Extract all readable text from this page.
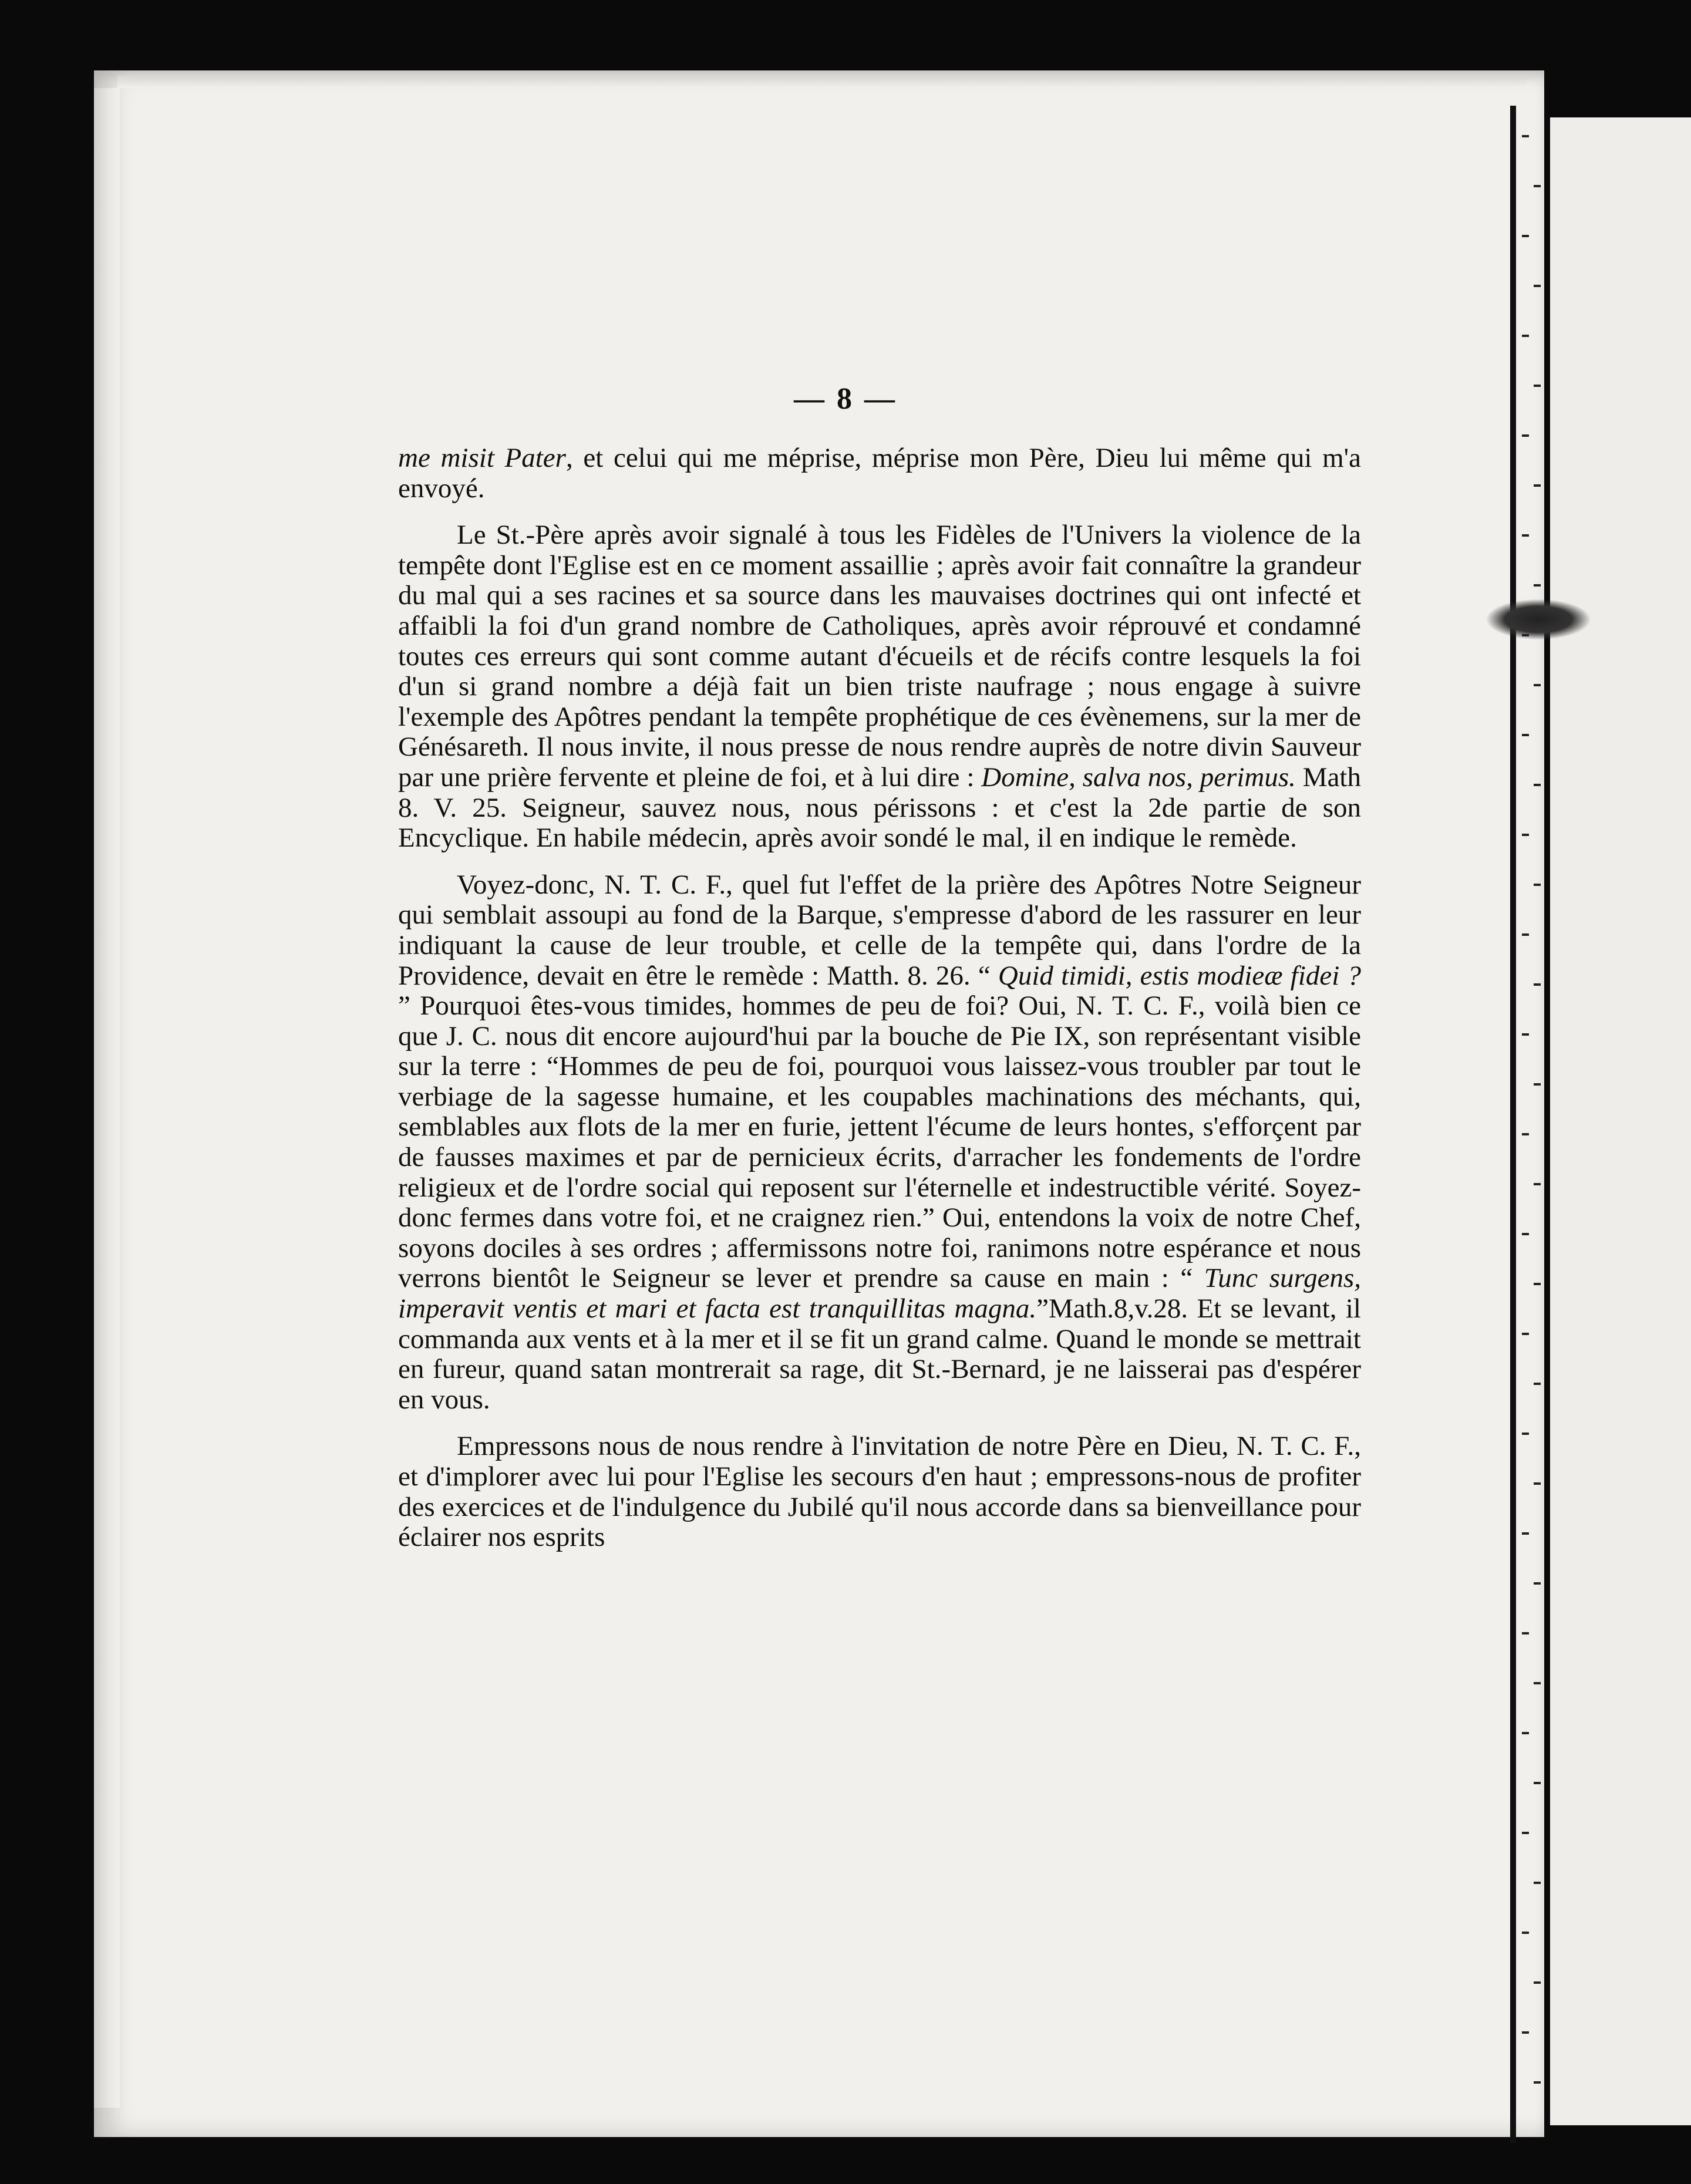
— 8 —

me misit Pater, et celui qui me méprise, méprise mon Père, Dieu lui même qui m'a envoyé.

Le St.-Père après avoir signalé à tous les Fidèles de l'Univers la violence de la tempête dont l'Eglise est en ce moment assaillie ; après avoir fait connaître la grandeur du mal qui a ses racines et sa source dans les mauvaises doctrines qui ont infecté et affaibli la foi d'un grand nombre de Catholiques, après avoir réprouvé et condamné toutes ces erreurs qui sont comme autant d'écueils et de récifs contre lesquels la foi d'un si grand nombre a déjà fait un bien triste naufrage ; nous engage à suivre l'exemple des Apôtres pendant la tempête prophétique de ces évènemens, sur la mer de Génésareth. Il nous invite, il nous presse de nous rendre auprès de notre divin Sauveur par une prière fervente et pleine de foi, et à lui dire : Domine, salva nos, perimus. Math 8. V. 25. Seigneur, sauvez nous, nous périssons : et c'est la 2de partie de son Encyclique. En habile médecin, après avoir sondé le mal, il en indique le remède.

Voyez-donc, N. T. C. F., quel fut l'effet de la prière des Apôtres Notre Seigneur qui semblait assoupi au fond de la Barque, s'empresse d'abord de les rassurer en leur indiquant la cause de leur trouble, et celle de la tempête qui, dans l'ordre de la Providence, devait en être le remède : Matth. 8. 26. “ Quid timidi, estis modieæ fidei ? ” Pourquoi êtes-vous timides, hommes de peu de foi? Oui, N. T. C. F., voilà bien ce que J. C. nous dit encore aujourd'hui par la bouche de Pie IX, son représentant visible sur la terre : “Hommes de peu de foi, pourquoi vous laissez-vous troubler par tout le verbiage de la sagesse humaine, et les coupables machinations des méchants, qui, semblables aux flots de la mer en furie, jettent l'écume de leurs hontes, s'efforçent par de fausses maximes et par de pernicieux écrits, d'arracher les fondements de l'ordre religieux et de l'ordre social qui reposent sur l'éternelle et indestructible vérité. Soyez-donc fermes dans votre foi, et ne craignez rien.” Oui, entendons la voix de notre Chef, soyons dociles à ses ordres ; affermissons notre foi, ranimons notre espérance et nous verrons bientôt le Seigneur se lever et prendre sa cause en main : “ Tunc surgens, imperavit ventis et mari et facta est tranquillitas magna.”Math.8,v.28. Et se levant, il commanda aux vents et à la mer et il se fit un grand calme. Quand le monde se mettrait en fureur, quand satan montrerait sa rage, dit St.-Bernard, je ne laisserai pas d'espérer en vous.

Empressons nous de nous rendre à l'invitation de notre Père en Dieu, N. T. C. F., et d'implorer avec lui pour l'Eglise les secours d'en haut ; empressons-nous de profiter des exercices et de l'indulgence du Jubilé qu'il nous accorde dans sa bienveillance pour éclairer nos esprits
